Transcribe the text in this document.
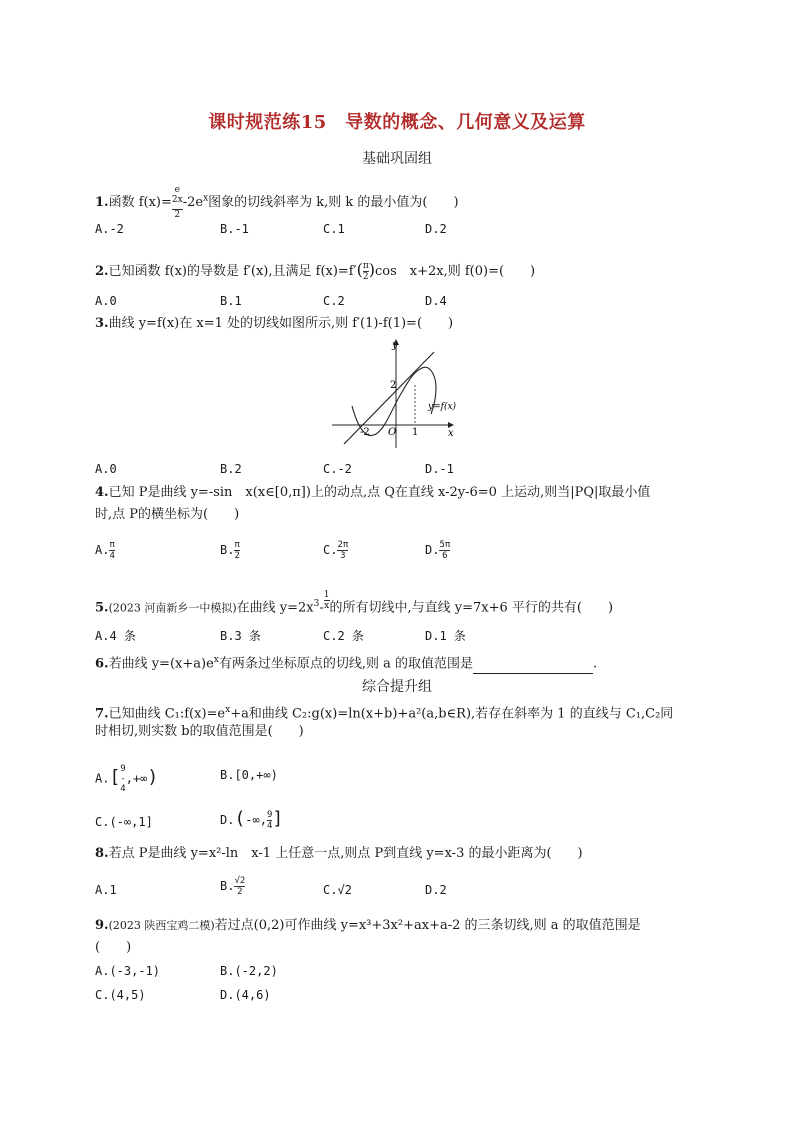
课时规范练15　导数的概念、几何意义及运算
基础巩固组
1.函数 f(x)= e
$^{2x}$
2 $-2e^x$图象的切线斜率为 k,则 k 的最小值为(　　)
A.-2	B.-1	C.1	D.2
2.已知函数 f(x)的导数是 f′(x),且满足 $f(x)=f'( \frac{\pi}{2} )\cos$　x+2x,则 f(0)=(　　)
A.0	B.1	C.2	D.4
3.曲线 y=f(x)在 x=1 处的切线如图所示,则 f′(1)-f(1)=(　　)
y
x
O
2
-2	1
y=f(x)
A.0	B.2	C.-2	D.-1
4.已知 P是曲线 y=-sin　x(x∈[0,π])上的动点,点 Q在直线 x-2y-6=0 上运动,则当|PQ|取最小值
时,点 P的横坐标为(　　)
A. $\frac{\pi}{4}$	B. $\frac{\pi}{2}$	C. $\frac{2\pi}{3}$	D. $\frac{5\pi}{6}$
5.(2023 河南新乡一中模拟)在曲线 $y=2x^3- \frac{1}{x}$ 的所有切线中,与直线 y=7x+6 平行的共有(　　)
A.4 条	B.3 条	C.2 条	D.1 条
6.若曲线 $y=(x+a)e^x$有两条过坐标原点的切线,则 a 的取值范围是	.
综合提升组
7.已知曲线 $C_1:f(x)=e^x+a$和曲线 C₂:g(x)=ln(x+b)+a²(a,b∈R),若存在斜率为 1 的直线与 C₁,C₂同
时相切,则实数 b的取值范围是(　　)
A.[ 9
-
4
,+∞)	B.[0,+∞)
C.(-∞,1]	D.(-∞, $\frac{9}{4}$ ]
8.若点 P是曲线 y=x²-ln　x-1 上任意一点,则点 P到直线 y=x-3 的最小距离为(　　)
A.1	B. $\frac{√2}{2}$	C.√2	D.2
9.(2023 陕西宝鸡二模)若过点(0,2)可作曲线 y=x³+3x²+ax+a-2 的三条切线,则 a 的取值范围是
(　　)
A.(-3,-1)	B.(-2,2)
C.(4,5)	D.(4,6)
